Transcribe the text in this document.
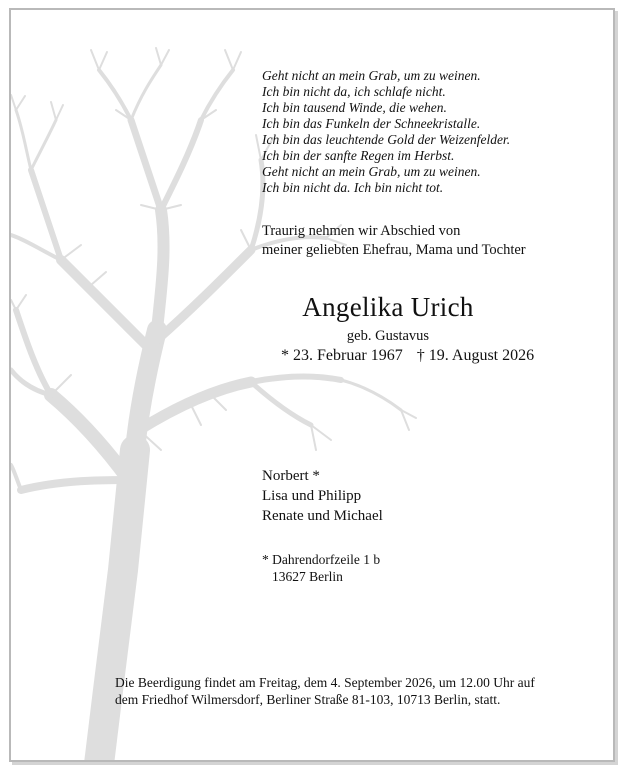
Geht nicht an mein Grab, um zu weinen.
Ich bin nicht da, ich schlafe nicht.
Ich bin tausend Winde, die wehen.
Ich bin das Funkeln der Schneekristalle.
Ich bin das leuchtende Gold der Weizenfelder.
Ich bin der sanfte Regen im Herbst.
Geht nicht an mein Grab, um zu weinen.
Ich bin nicht da. Ich bin nicht tot.
Traurig nehmen wir Abschied von
meiner geliebten Ehefrau, Mama und Tochter
Angelika Urich
geb. Gustavus
* 23. Februar 1967 † 19. August 2026
Norbert *
Lisa und Philipp
Renate und Michael
* Dahrendorfzeile 1 b
13627 Berlin
Die Beerdigung findet am Freitag, dem 4. September 2026, um 12.00 Uhr auf
dem Friedhof Wilmersdorf, Berliner Straße 81-103, 10713 Berlin, statt.
